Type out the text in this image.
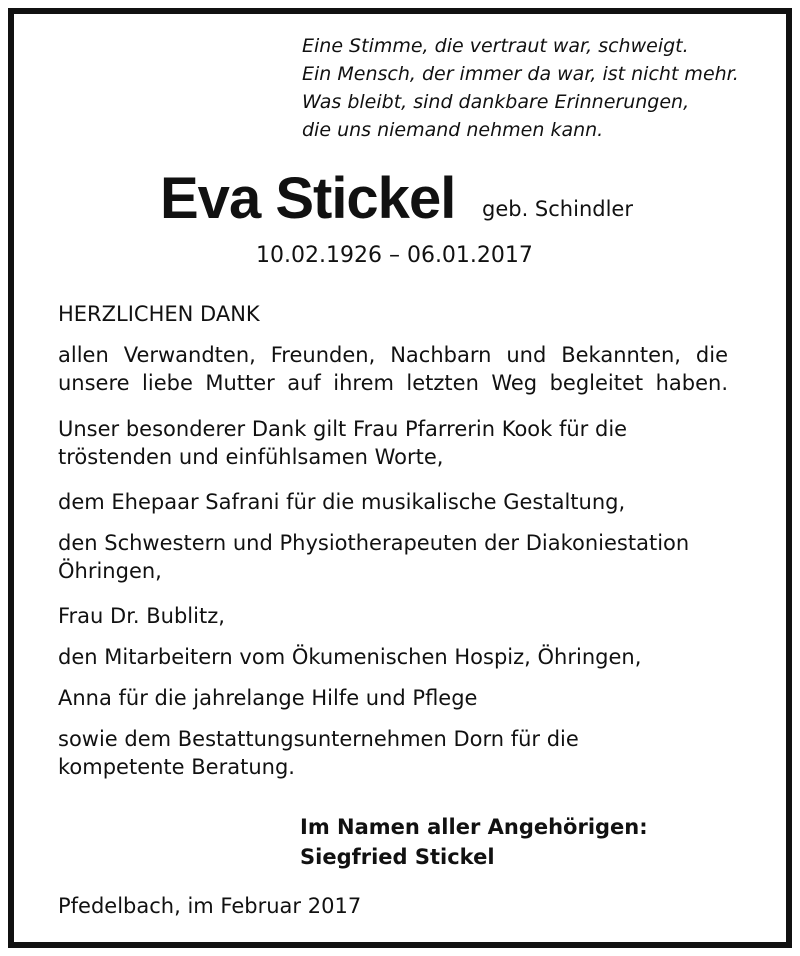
Eine Stimme, die vertraut war, schweigt.
Ein Mensch, der immer da war, ist nicht mehr.
Was bleibt, sind dankbare Erinnerungen,
die uns niemand nehmen kann.
Eva Stickel geb. Schindler
10.02.1926 – 06.01.2017
HERZLICHEN DANK
allen Verwandten, Freunden, Nachbarn und Bekannten, die
unsere liebe Mutter auf ihrem letzten Weg begleitet haben.
Unser besonderer Dank gilt Frau Pfarrerin Kook für die
tröstenden und einfühlsamen Worte,
dem Ehepaar Safrani für die musikalische Gestaltung,
den Schwestern und Physiotherapeuten der Diakoniestation
Öhringen,
Frau Dr. Bublitz,
den Mitarbeitern vom Ökumenischen Hospiz, Öhringen,
Anna für die jahrelange Hilfe und Pflege
sowie dem Bestattungsunternehmen Dorn für die
kompetente Beratung.
Im Namen aller Angehörigen:
Siegfried Stickel
Pfedelbach, im Februar 2017
